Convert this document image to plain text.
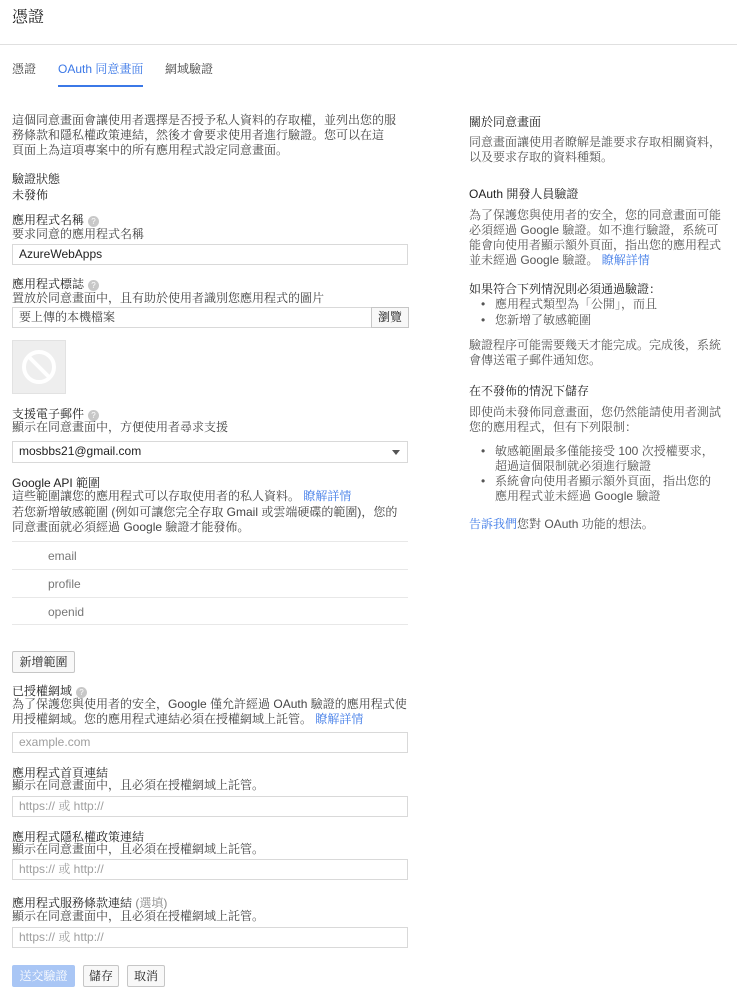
憑證
憑證 OAuth 同意畫面 網域驗證
這個同意畫面會讓使用者選擇是否授予私人資料的存取權，並列出您的服
務條款和隱私權政策連結，然後才會要求使用者進行驗證。您可以在這
頁面上為這項專案中的所有應用程式設定同意畫面。
驗證狀態
未發佈
應用程式名稱 ?
要求同意的應用程式名稱
AzureWebApps
應用程式標誌 ?
置放於同意畫面中，且有助於使用者識別您應用程式的圖片
要上傳的本機檔案	瀏覽
支援電子郵件 ?
顯示在同意畫面中，方便使用者尋求支援
mosbbs21@gmail.com
Google API 範圍
這些範圍讓您的應用程式可以存取使用者的私人資料。 瞭解詳情
若您新增敏感範圍 (例如可讓您完全存取 Gmail 或雲端硬碟的範圍)，您的
同意畫面就必須經過 Google 驗證才能發佈。
email
profile
openid
新增範圍
已授權網域 ?
為了保護您與使用者的安全，Google 僅允許經過 OAuth 驗證的應用程式使
用授權網域。您的應用程式連結必須在授權網域上託管。 瞭解詳情
example.com
應用程式首頁連結
顯示在同意畫面中，且必須在授權網域上託管。
https:// 或 http://
應用程式隱私權政策連結
顯示在同意畫面中，且必須在授權網域上託管。
https:// 或 http://
應用程式服務條款連結 (選填)
顯示在同意畫面中，且必須在授權網域上託管。
https:// 或 http://
送交驗證	儲存	取消
關於同意畫面
同意畫面讓使用者瞭解是誰要求存取相關資料，
以及要求存取的資料種類。
OAuth 開發人員驗證
為了保護您與使用者的安全，您的同意畫面可能
必須經過 Google 驗證。如不進行驗證，系統可
能會向使用者顯示額外頁面，指出您的應用程式
並未經過 Google 驗證。 瞭解詳情
如果符合下列情況則必須通過驗證：
• 應用程式類型為「公開」，而且
• 您新增了敏感範圍
驗證程序可能需要幾天才能完成。完成後，系統
會傳送電子郵件通知您。
在不發佈的情況下儲存
即使尚未發佈同意畫面，您仍然能請使用者測試
您的應用程式，但有下列限制：
• 敏感範圍最多僅能接受 100 次授權要求，
超過這個限制就必須進行驗證
• 系統會向使用者顯示額外頁面，指出您的
應用程式並未經過 Google 驗證
告訴我們您對 OAuth 功能的想法。
